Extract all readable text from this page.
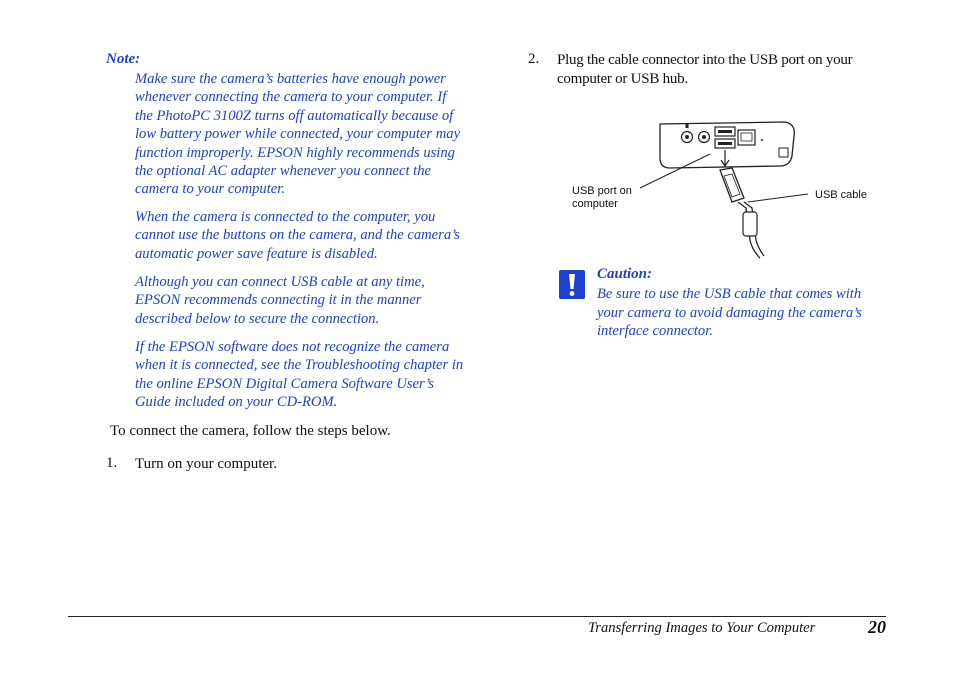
Note:
Make sure the camera’s batteries have enough power whenever connecting the camera to your computer. If the PhotoPC 3100Z turns off automatically because of low battery power while connected, your computer may function improperly. EPSON highly recommends using the optional AC adapter whenever you connect the camera to your computer.
When the camera is connected to the computer, you cannot use the buttons on the camera, and the camera’s automatic power save feature is disabled.
Although you can connect USB cable at any time, EPSON recommends connecting it in the manner described below to secure the connection.
If the EPSON software does not recognize the camera when it is connected, see the Troubleshooting chapter in the online EPSON Digital Camera Software User’s Guide included on your CD-ROM.
To connect the camera, follow the steps below.
1. Turn on your computer.
2. Plug the cable connector into the USB port on your computer or USB hub.
USB port on computer
USB cable
Caution:
Be sure to use the USB cable that comes with your camera to avoid damaging the camera’s interface connector.
Transferring Images to Your Computer	20
